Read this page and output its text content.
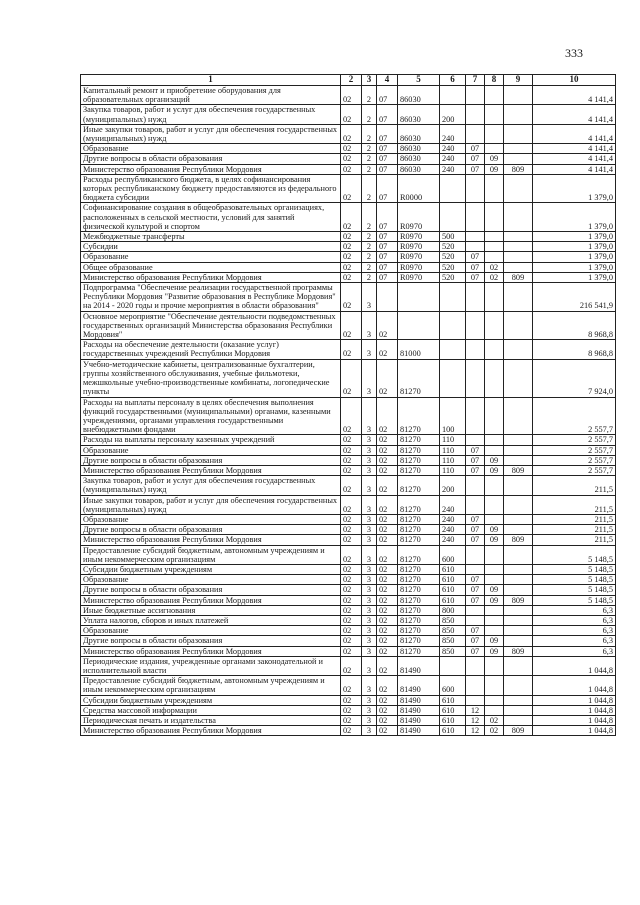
333
1	2	3	4	5	6	7	8	9	10
Капитальный ремонт и приобретение оборудования для образовательных организаций	02	2	07	86030					4 141,4
Закупка товаров, работ и услуг для обеспечения государственных (муниципальных) нужд	02	2	07	86030	200				4 141,4
Иные закупки товаров, работ и услуг для обеспечения государственных (муниципальных) нужд	02	2	07	86030	240				4 141,4
Образование	02	2	07	86030	240	07			4 141,4
Другие вопросы в области образования	02	2	07	86030	240	07	09		4 141,4
Министерство образования Республики Мордовия	02	2	07	86030	240	07	09	809	4 141,4
Расходы республиканского бюджета, в целях софинансирования которых республиканскому бюджету предоставляются из федерального бюджета субсидии	02	2	07	R0000					1 379,0
Софинансирование создания в общеобразовательных организациях, расположенных в сельской местности, условий для занятий физической культурой и спортом	02	2	07	R0970					1 379,0
Межбюджетные трансферты	02	2	07	R0970	500				1 379,0
Субсидии	02	2	07	R0970	520				1 379,0
Образование	02	2	07	R0970	520	07			1 379,0
Общее образование	02	2	07	R0970	520	07	02		1 379,0
Министерство образования Республики Мордовия	02	2	07	R0970	520	07	02	809	1 379,0
Подпрограмма "Обеспечение реализации государственной программы Республики Мордовия "Развитие образования в Республике Мордовия" на 2014 - 2020 годы и прочие мероприятия в области образования"	02	3							216 541,9
Основное мероприятие "Обеспечение деятельности подведомственных государственных организаций Министерства образования Республики Мордовия"	02	3	02						8 968,8
Расходы на обеспечение деятельности (оказание услуг) государственных учреждений Республики Мордовия	02	3	02	81000					8 968,8
Учебно-методические кабинеты, централизованные бухгалтерии, группы хозяйственного обслуживания, учебные фильмотеки, межшкольные учебно-производственные комбинаты, логопедические пункты	02	3	02	81270					7 924,0
Расходы на выплаты персоналу в целях обеспечения выполнения функций государственными (муниципальными) органами, казенными учреждениями, органами управления государственными внебюджетными фондами	02	3	02	81270	100				2 557,7
Расходы на выплаты персоналу казенных учреждений	02	3	02	81270	110				2 557,7
Образование	02	3	02	81270	110	07			2 557,7
Другие вопросы в области образования	02	3	02	81270	110	07	09		2 557,7
Министерство образования Республики Мордовия	02	3	02	81270	110	07	09	809	2 557,7
Закупка товаров, работ и услуг для обеспечения государственных (муниципальных) нужд	02	3	02	81270	200				211,5
Иные закупки товаров, работ и услуг для обеспечения государственных (муниципальных) нужд	02	3	02	81270	240				211,5
Образование	02	3	02	81270	240	07			211,5
Другие вопросы в области образования	02	3	02	81270	240	07	09		211,5
Министерство образования Республики Мордовия	02	3	02	81270	240	07	09	809	211,5
Предоставление субсидий бюджетным, автономным учреждениям и иным некоммерческим организациям	02	3	02	81270	600				5 148,5
Субсидии бюджетным учреждениям	02	3	02	81270	610				5 148,5
Образование	02	3	02	81270	610	07			5 148,5
Другие вопросы в области образования	02	3	02	81270	610	07	09		5 148,5
Министерство образования Республики Мордовия	02	3	02	81270	610	07	09	809	5 148,5
Иные бюджетные ассигнования	02	3	02	81270	800				6,3
Уплата налогов, сборов и иных платежей	02	3	02	81270	850				6,3
Образование	02	3	02	81270	850	07			6,3
Другие вопросы в области образования	02	3	02	81270	850	07	09		6,3
Министерство образования Республики Мордовия	02	3	02	81270	850	07	09	809	6,3
Периодические издания, учрежденные органами законодательной и исполнительной власти	02	3	02	81490					1 044,8
Предоставление субсидий бюджетным, автономным учреждениям и иным некоммерческим организациям	02	3	02	81490	600				1 044,8
Субсидии бюджетным учреждениям	02	3	02	81490	610				1 044,8
Средства массовой информации	02	3	02	81490	610	12			1 044,8
Периодическая печать и издательства	02	3	02	81490	610	12	02		1 044,8
Министерство образования Республики Мордовия	02	3	02	81490	610	12	02	809	1 044,8
